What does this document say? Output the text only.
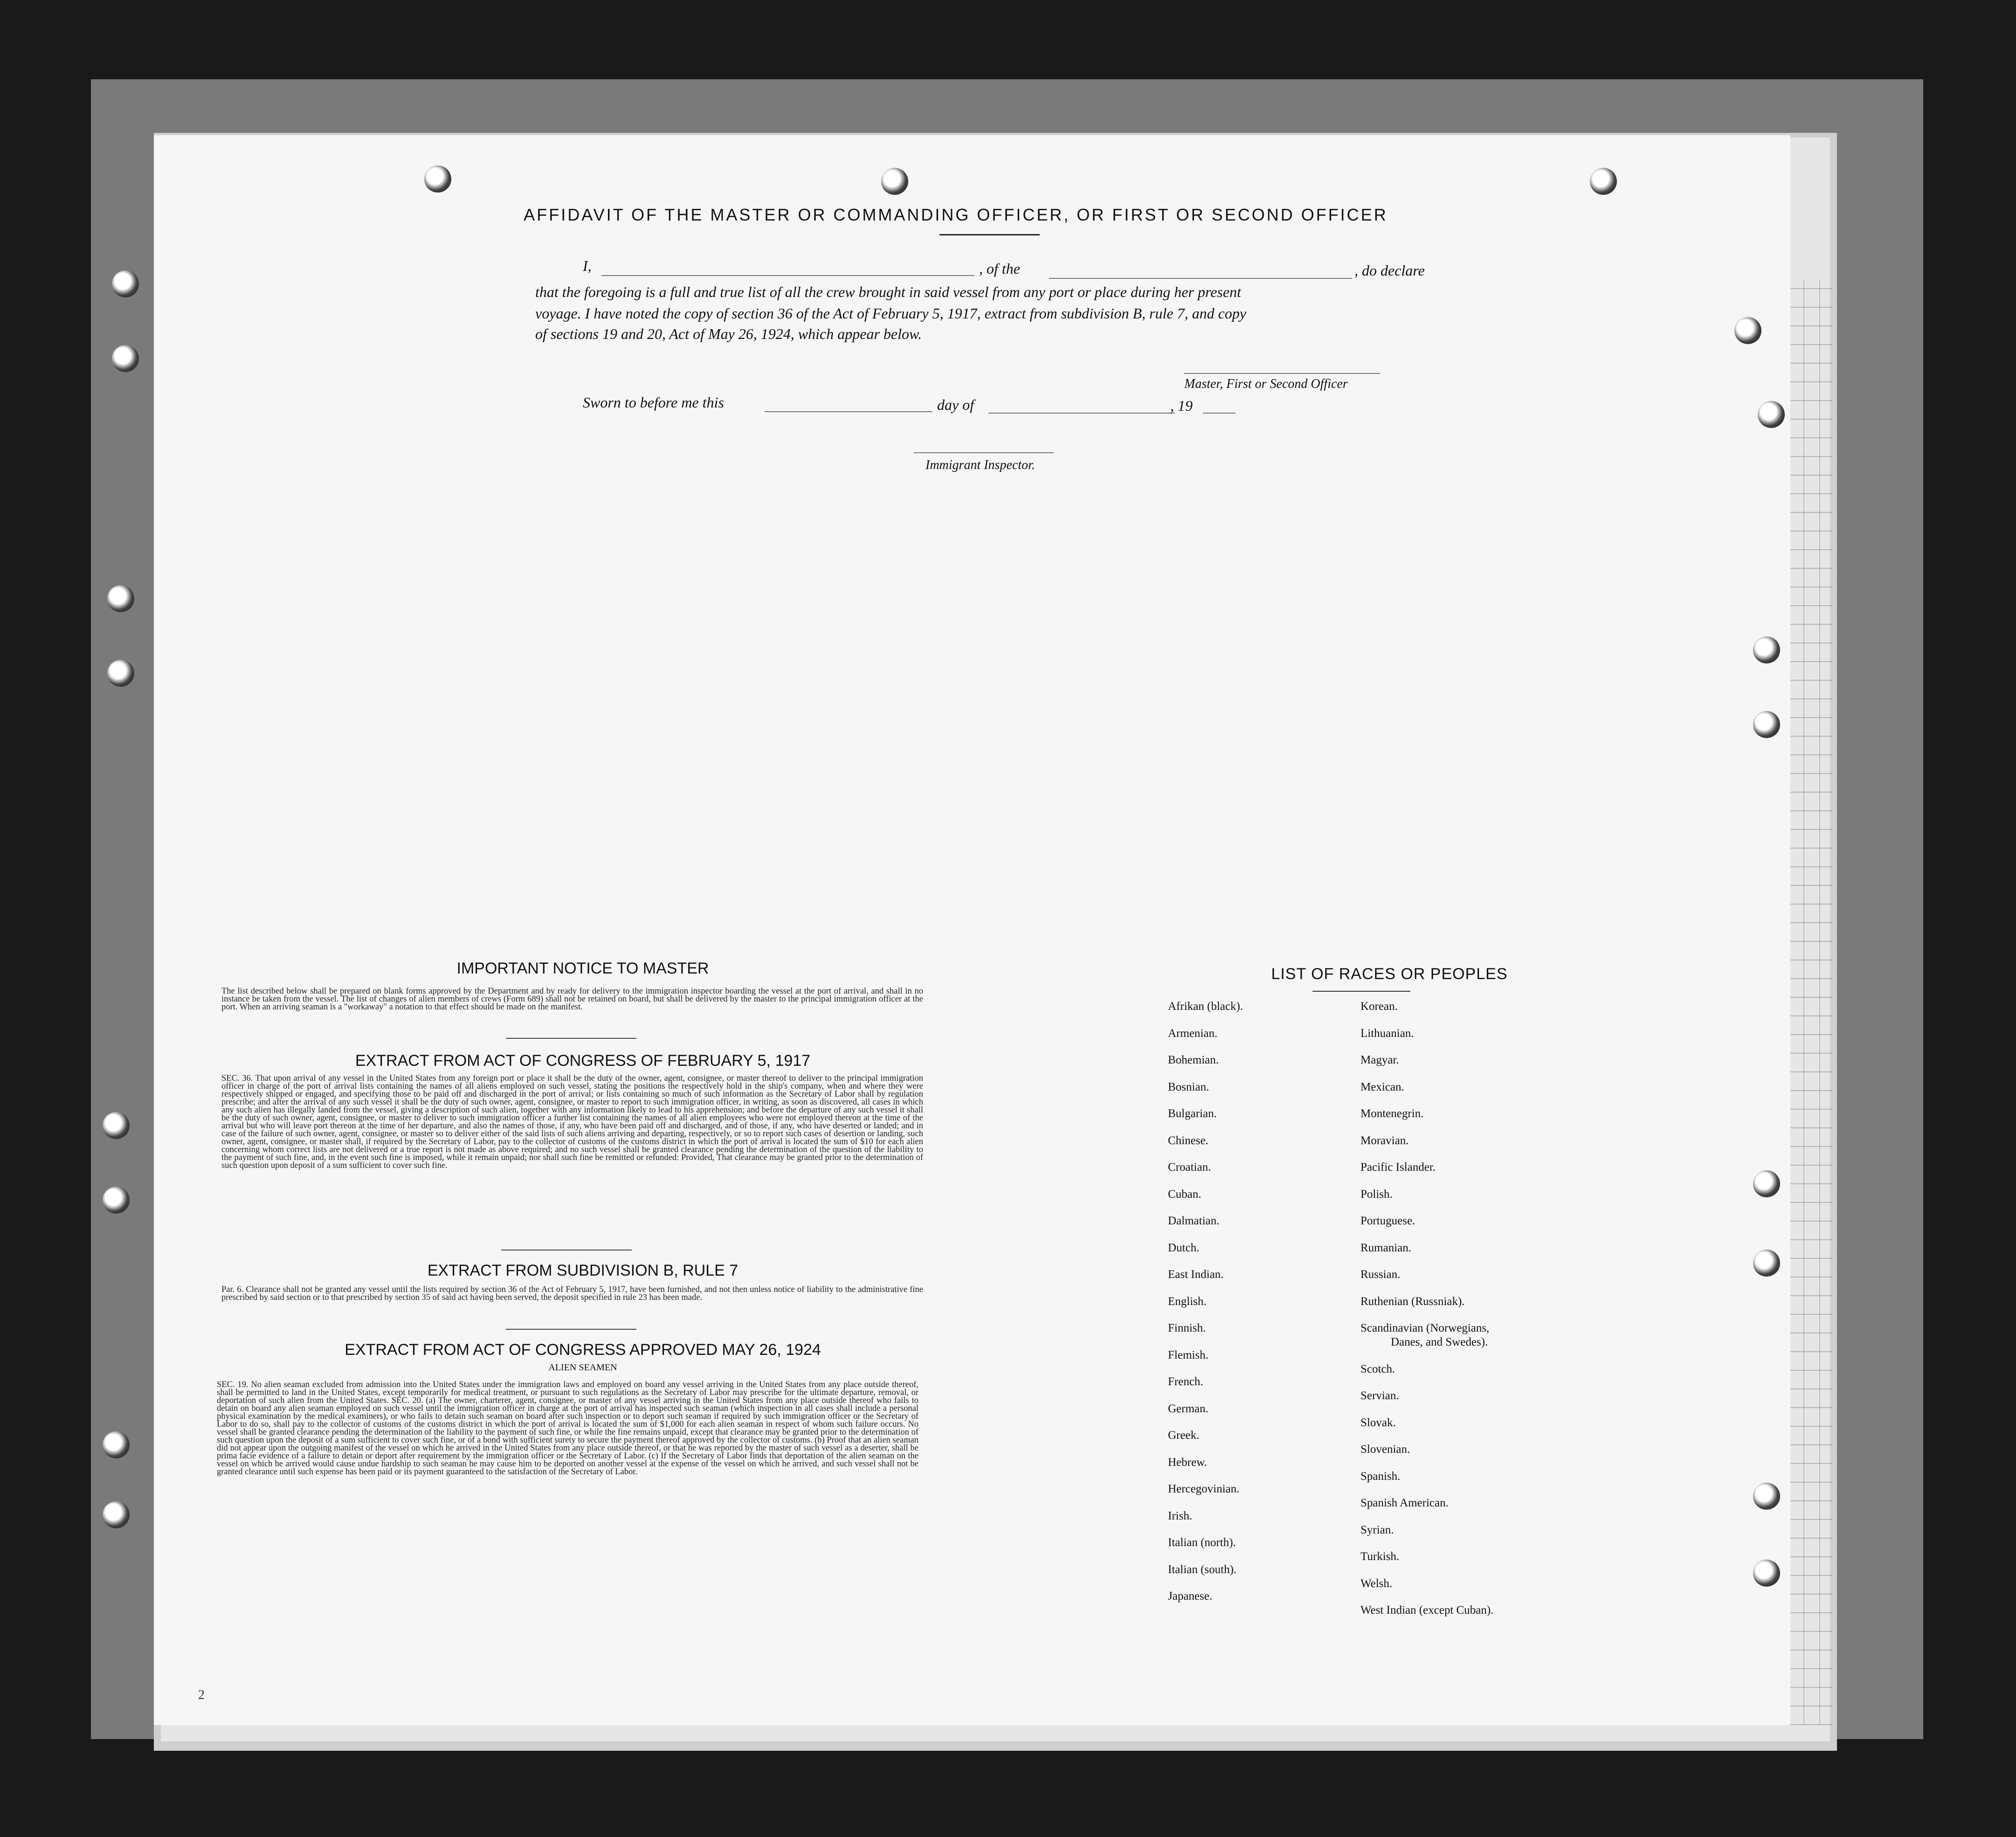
AFFIDAVIT OF THE MASTER OR COMMANDING OFFICER, OR FIRST OR SECOND OFFICER
I,	, of the	, do declare
that the foregoing is a full and true list of all the crew brought in said vessel from any port or place during her present
voyage. I have noted the copy of section 36 of the Act of February 5, 1917, extract from subdivision B, rule 7, and copy
of sections 19 and 20, Act of May 26, 1924, which appear below.
Master, First or Second Officer
Sworn to before me this	day of	, 19
Immigrant Inspector.
IMPORTANT NOTICE TO MASTER
The list described below shall be prepared on blank forms approved by the Department and by ready for delivery to the immigration inspector boarding the vessel at the port of arrival, and shall in no instance be taken from the vessel. The list of changes of alien members of crews (Form 689) shall not be retained on board, but shall be delivered by the master to the principal immigration officer at the port. When an arriving seaman is a "workaway" a notation to that effect should be made on the manifest.
EXTRACT FROM ACT OF CONGRESS OF FEBRUARY 5, 1917
SEC. 36. That upon arrival of any vessel in the United States from any foreign port or place it shall be the duty of the owner, agent, consignee, or master thereof to deliver to the principal immigration officer in charge of the port of arrival lists containing the names of all aliens employed on such vessel, stating the positions the respectively hold in the ship's company, when and where they were respectively shipped or engaged, and specifying those to be paid off and discharged in the port of arrival; or lists containing so much of such information as the Secretary of Labor shall by regulation prescribe; and after the arrival of any such vessel it shall be the duty of such owner, agent, consignee, or master to report to such immigration officer, in writing, as soon as discovered, all cases in which any such alien has illegally landed from the vessel, giving a description of such alien, together with any information likely to lead to his apprehension; and before the departure of any such vessel it shall be the duty of such owner, agent, consignee, or master to deliver to such immigration officer a further list containing the names of all alien employees who were not employed thereon at the time of the arrival but who will leave port thereon at the time of her departure, and also the names of those, if any, who have been paid off and discharged, and of those, if any, who have deserted or landed; and in case of the failure of such owner, agent, consignee, or master so to deliver either of the said lists of such aliens arriving and departing, respectively, or so to report such cases of desertion or landing, such owner, agent, consignee, or master shall, if required by the Secretary of Labor, pay to the collector of customs of the customs district in which the port of arrival is located the sum of $10 for each alien concerning whom correct lists are not delivered or a true report is not made as above required; and no such vessel shall be granted clearance pending the determination of the question of the liability to the payment of such fine, and, in the event such fine is imposed, while it remain unpaid; nor shall such fine be remitted or refunded: Provided, That clearance may be granted prior to the determination of such question upon deposit of a sum sufficient to cover such fine.
EXTRACT FROM SUBDIVISION B, RULE 7
Par. 6. Clearance shall not be granted any vessel until the lists required by section 36 of the Act of February 5, 1917, have been furnished, and not then unless notice of liability to the administrative fine prescribed by said section or to that prescribed by section 35 of said act having been served, the deposit specified in rule 23 has been made.
EXTRACT FROM ACT OF CONGRESS APPROVED MAY 26, 1924
ALIEN SEAMEN
SEC. 19. No alien seaman excluded from admission into the United States under the immigration laws and employed on board any vessel arriving in the United States from any place outside thereof, shall be permitted to land in the United States, except temporarily for medical treatment, or pursuant to such regulations as the Secretary of Labor may prescribe for the ultimate departure, removal, or deportation of such alien from the United States. SEC. 20. (a) The owner, charterer, agent, consignee, or master of any vessel arriving in the United States from any place outside thereof who fails to detain on board any alien seaman employed on such vessel until the immigration officer in charge at the port of arrival has inspected such seaman (which inspection in all cases shall include a personal physical examination by the medical examiners), or who fails to detain such seaman on board after such inspection or to deport such seaman if required by such immigration officer or the Secretary of Labor to do so, shall pay to the collector of customs of the customs district in which the port of arrival is located the sum of $1,000 for each alien seaman in respect of whom such failure occurs. No vessel shall be granted clearance pending the determination of the liability to the payment of such fine, or while the fine remains unpaid, except that clearance may be granted prior to the determination of such question upon the deposit of a sum sufficient to cover such fine, or of a bond with sufficient surety to secure the payment thereof approved by the collector of customs. (b) Proof that an alien seaman did not appear upon the outgoing manifest of the vessel on which he arrived in the United States from any place outside thereof, or that he was reported by the master of such vessel as a deserter, shall be prima facie evidence of a failure to detain or deport after requirement by the immigration officer or the Secretary of Labor. (c) If the Secretary of Labor finds that deportation of the alien seaman on the vessel on which he arrived would cause undue hardship to such seaman he may cause him to be deported on another vessel at the expense of the vessel on which he arrived, and such vessel shall not be granted clearance until such expense has been paid or its payment guaranteed to the satisfaction of the Secretary of Labor.
LIST OF RACES OR PEOPLES
Afrikan (black).
Armenian.
Bohemian.
Bosnian.
Bulgarian.
Chinese.
Croatian.
Cuban.
Dalmatian.
Dutch.
East Indian.
English.
Finnish.
Flemish.
French.
German.
Greek.
Hebrew.
Hercegovinian.
Irish.
Italian (north).
Italian (south).
Japanese.
Korean.
Lithuanian.
Magyar.
Mexican.
Montenegrin.
Moravian.
Pacific Islander.
Polish.
Portuguese.
Rumanian.
Russian.
Ruthenian (Russniak).
Scandinavian (Norwegians,
Danes, and Swedes).
Scotch.
Servian.
Slovak.
Slovenian.
Spanish.
Spanish American.
Syrian.
Turkish.
Welsh.
West Indian (except Cuban).
2
